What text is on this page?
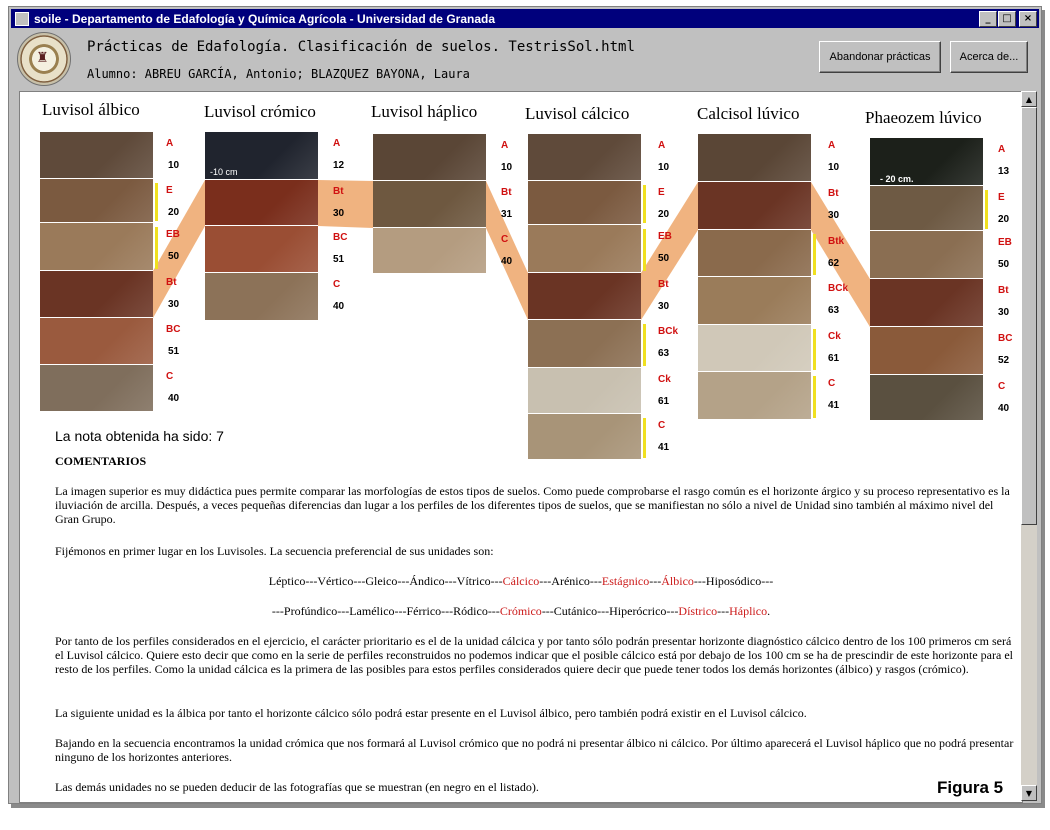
soile - Departamento de Edafología y Química Agrícola - Universidad de Granada	_	□	×
♜
Prácticas de Edafología. Clasificación de suelos. TestrisSol.html
Alumno: ABREU GARCÍA, Antonio; BLAZQUEZ BAYONA, Laura
Abandonar prácticas	Acerca de...
Luvisol álbico
A
10
E
20
EB
50
Bt
30
BC
51
C
40
Luvisol crómico
A
12
Bt
30
BC
51
C
40
Luvisol háplico
A
10
Bt
31
C
40
Luvisol cálcico
A
10
E
20
EB
50
Bt
30
BCk
63
Ck
61
C
41
Calcisol lúvico
A
10
Bt
30
Btk
62
BCk
63
Ck
61
C
41
Phaeozem lúvico
A
13
E
20
EB
50
Bt
30
BC
52
C
40
-10 cm
- 20 cm.
La nota obtenida ha sido: 7
COMENTARIOS
La imagen superior es muy didáctica pues permite comparar las morfologías de estos tipos de suelos. Como puede comprobarse el rasgo común es el horizonte árgico y su proceso representativo es la iluviación de arcilla. Después, a veces pequeñas diferencias dan lugar a los perfiles de los diferentes tipos de suelos, que se manifiestan no sólo a nivel de Unidad sino también al máximo nivel del Gran Grupo.
Fijémonos en primer lugar en los Luvisoles. La secuencia preferencial de sus unidades son:
Léptico---Vértico---Gleico---Ándico---Vítrico---Cálcico---Arénico---Estágnico---Álbico---Hiposódico---
---Profúndico---Lamélico---Férrico---Ródico---Crómico---Cutánico---Hiperócrico---Dístrico---Háplico.
Por tanto de los perfiles considerados en el ejercicio, el carácter prioritario es el de la unidad cálcica y por tanto sólo podrán presentar horizonte diagnóstico cálcico dentro de los 100 primeros cm será el Luvisol cálcico. Quiere esto decir que como en la serie de perfiles reconstruidos no podemos indicar que el posible cálcico está por debajo de los 100 cm se ha de prescindir de este horizonte para el resto de los perfiles. Como la unidad cálcica es la primera de las posibles para estos perfiles considerados quiere decir que puede tener todos los demás horizontes (álbico) y rasgos (crómico).
La siguiente unidad es la álbica por tanto el horizonte cálcico sólo podrá estar presente en el Luvisol álbico, pero también podrá existir en el Luvisol cálcico.
Bajando en la secuencia encontramos la unidad crómica que nos formará al Luvisol crómico que no podrá ni presentar álbico ni cálcico. Por último aparecerá el Luvisol háplico que no podrá presentar ninguno de los horizontes anteriores.
Las demás unidades no se pueden deducir de las fotografías que se muestran (en negro en el listado).	Figura 5
▲
▼
